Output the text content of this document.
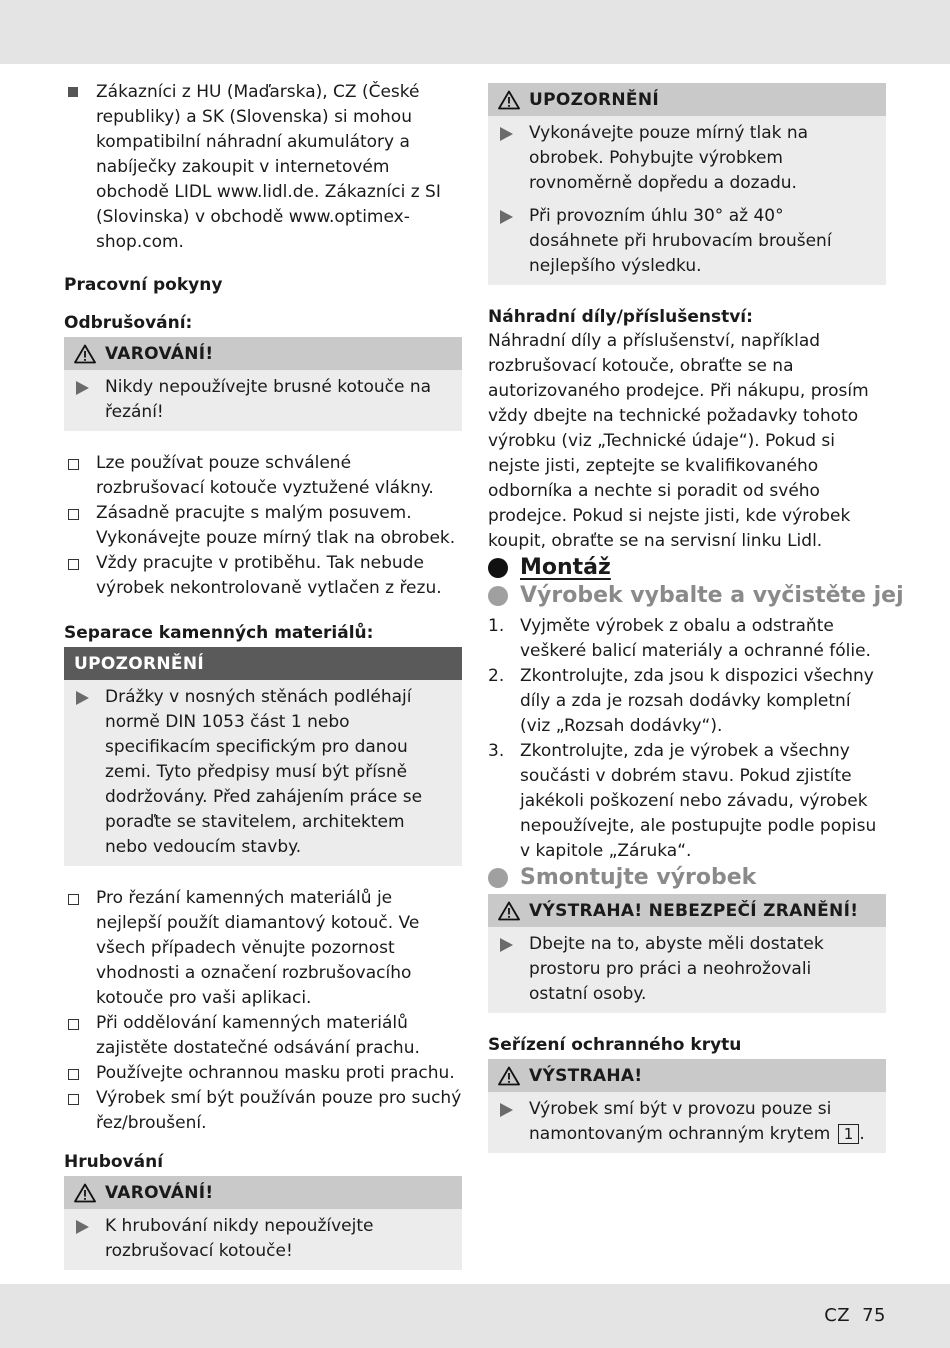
Zákazníci z HU (Maďarska), CZ (České republiky) a SK (Slovenska) si mohou kompatibilní náhradní akumulátory a nabíječky zakoupit v internetovém obchodě LIDL www.lidl.de. Zákazníci z SI (Slovinska) v obchodě www.optimex-shop.com.

Pracovní pokyny

Odbrušování:

VAROVÁNÍ!

Nikdy nepoužívejte brusné kotouče na řezání!

Lze používat pouze schválené rozbrušovací kotouče vyztužené vlákny.

Zásadně pracujte s malým posuvem. Vykonávejte pouze mírný tlak na obrobek.

Vždy pracujte v protiběhu. Tak nebude výrobek nekontrolovaně vytlačen z řezu.

Separace kamenných materiálů:

UPOZORNĚNÍ

Drážky v nosných stěnách podléhají normě DIN 1053 část 1 nebo specifikacím specifickým pro danou zemi. Tyto předpisy musí být přísně dodržovány. Před zahájením práce se poraďte se stavitelem, architektem nebo vedoucím stavby.

Pro řezání kamenných materiálů je nejlepší použít diamantový kotouč. Ve všech případech věnujte pozornost vhodnosti a označení rozbrušovacího kotouče pro vaši aplikaci.

Při oddělování kamenných materiálů zajistěte dostatečné odsávání prachu.

Používejte ochrannou masku proti prachu.

Výrobek smí být používán pouze pro suchý řez/broušení.

Hrubování

VAROVÁNÍ!

K hrubování nikdy nepoužívejte rozbrušovací kotouče!

UPOZORNĚNÍ

Vykonávejte pouze mírný tlak na obrobek. Pohybujte výrobkem rovnoměrně dopředu a dozadu.

Při provozním úhlu 30° až 40° dosáhnete při hrubovacím broušení nejlepšího výsledku.

Náhradní díly/příslušenství:

Náhradní díly a příslušenství, například rozbrušovací kotouče, obraťte se na autorizovaného prodejce. Při nákupu, prosím vždy dbejte na technické požadavky tohoto výrobku (viz „Technické údaje“). Pokud si nejste jisti, zeptejte se kvalifikovaného odborníka a nechte si poradit od svého prodejce. Pokud si nejste jisti, kde výrobek koupit, obraťte se na servisní linku Lidl.

Montáž

Výrobek vybalte a vyčistěte jej

1. Vyjměte výrobek z obalu a odstraňte veškeré balicí materiály a ochranné fólie.

2. Zkontrolujte, zda jsou k dispozici všechny díly a zda je rozsah dodávky kompletní (viz „Rozsah dodávky“).

3. Zkontrolujte, zda je výrobek a všechny součásti v dobrém stavu. Pokud zjistíte jakékoli poškození nebo závadu, výrobek nepoužívejte, ale postupujte podle popisu v kapitole „Záruka“.

Smontujte výrobek

VÝSTRAHA! NEBEZPEČÍ ZRANĚNÍ!

Dbejte na to, abyste měli dostatek prostoru pro práci a neohrožovali ostatní osoby.

Seřízení ochranného krytu

VÝSTRAHA!

Výrobek smí být v provozu pouze si namontovaným ochranným krytem 1 .

CZ 75
